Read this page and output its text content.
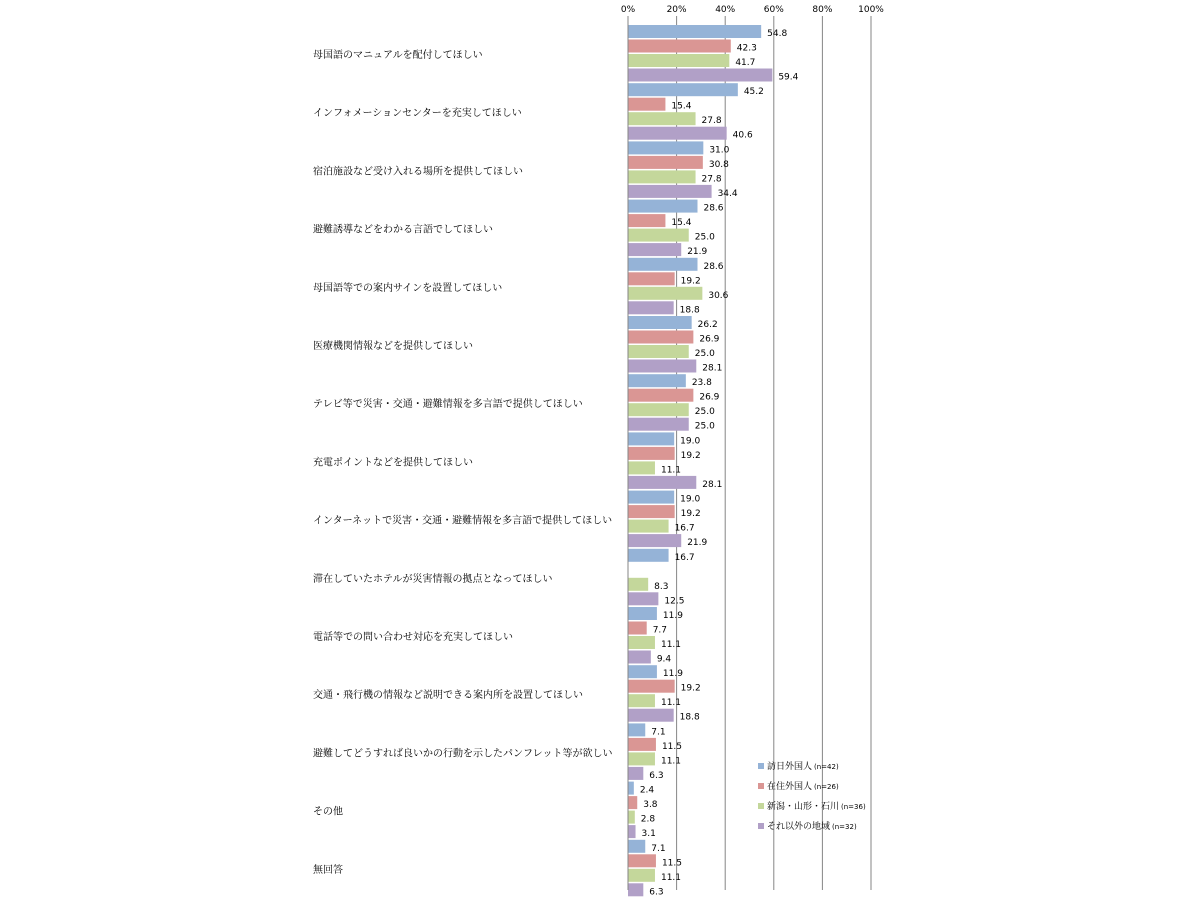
0%	20%	40%	60%	80%	100%
54.8
42.3
41.7
59.4
45.2
15.4
27.8
40.6
31.0
30.8
27.8
34.4
28.6
15.4
25.0
21.9
28.6
19.2
30.6
18.8
26.2
26.9
25.0
28.1
23.8
26.9
25.0
25.0
19.0
19.2
11.1
28.1
19.0
19.2
16.7
21.9
16.7
8.3
12.5
11.9
7.7
11.1
9.4
11.9
19.2
11.1
18.8
7.1
11.5
11.1
6.3
2.4
3.8
2.8
3.1
7.1
11.5
11.1
6.3
母国語のマニュアルを配付してほしい
インフォメーションセンターを充実してほしい
宿泊施設など受け入れる場所を提供してほしい
避難誘導などをわかる言語でしてほしい
母国語等での案内サインを設置してほしい
医療機関情報などを提供してほしい
テレビ等で災害・交通・避難情報を多言語で提供してほしい
充電ポイントなどを提供してほしい
インターネットで災害・交通・避難情報を多言語で提供してほしい
滞在していたホテルが災害情報の拠点となってほしい
電話等での問い合わせ対応を充実してほしい
交通・飛行機の情報など説明できる案内所を設置してほしい
避難してどうすれば良いかの行動を示したパンフレット等が欲しい
その他
無回答
訪日外国人 (n=42)
在住外国人 (n=26)
新潟・山形・石川 (n=36)
それ以外の地域 (n=32)
